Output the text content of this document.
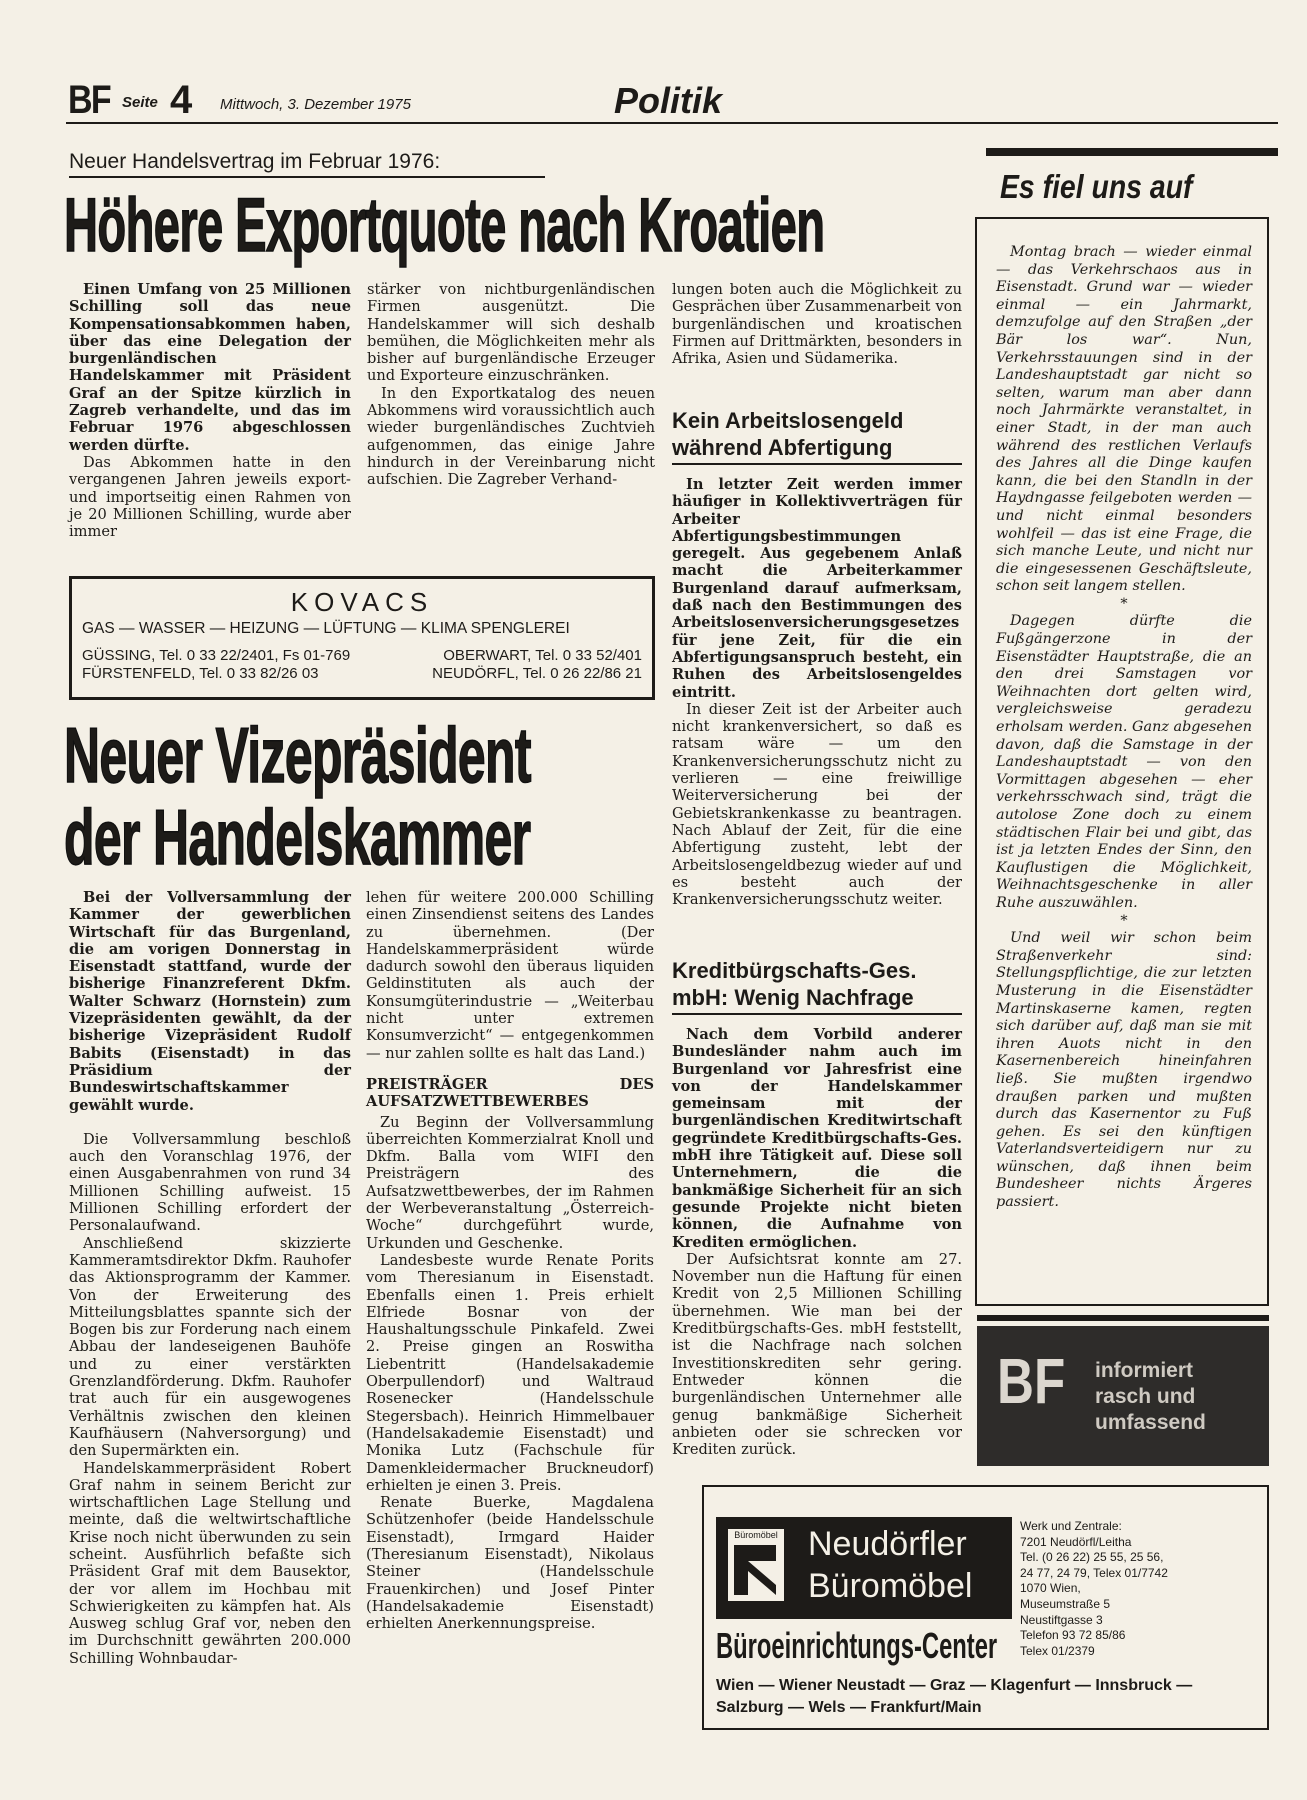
BF Seite 4 Mittwoch, 3. Dezember 1975	Politik
Neuer Handelsvertrag im Februar 1976:
Höhere Exportquote nach Kroatien

Einen Umfang von 25 Millionen Schilling soll das neue Kompensationsabkommen haben, über das eine Delegation der burgenländischen Handelskammer mit Präsident Graf an der Spitze kürzlich in Zagreb verhandelte, und das im Februar 1976 abgeschlossen werden dürfte.

Das Abkommen hatte in den vergangenen Jahren jeweils export- und importseitig einen Rahmen von je 20 Millionen Schilling, wurde aber immer

stärker von nichtburgenländischen Firmen ausgenützt. Die Handelskammer will sich deshalb bemühen, die Möglichkeiten mehr als bisher auf burgenländische Erzeuger und Exporteure einzuschränken.

In den Exportkatalog des neuen Abkommens wird voraussichtlich auch wieder burgenländisches Zuchtvieh aufgenommen, das einige Jahre hindurch in der Vereinbarung nicht aufschien. Die Zagreber Verhand-

lungen boten auch die Möglichkeit zu Gesprächen über Zusammenarbeit von burgenländischen und kroatischen Firmen auf Drittmärkten, besonders in Afrika, Asien und Südamerika.

Kein Arbeitslosengeld während Abfertigung

In letzter Zeit werden immer häufiger in Kollektivverträgen für Arbeiter Abfertigungsbestimmungen geregelt. Aus gegebenem Anlaß macht die Arbeiterkammer Burgenland darauf aufmerksam, daß nach den Bestimmungen des Arbeitslosenversicherungsgesetzes für jene Zeit, für die ein Abfertigungsanspruch besteht, ein Ruhen des Arbeitslosengeldes eintritt.

In dieser Zeit ist der Arbeiter auch nicht krankenversichert, so daß es ratsam wäre — um den Krankenversicherungsschutz nicht zu verlieren — eine freiwillige Weiterversicherung bei der Gebietskrankenkasse zu beantragen. Nach Ablauf der Zeit, für die eine Abfertigung zusteht, lebt der Arbeitslosengeldbezug wieder auf und es besteht auch der Krankenversicherungsschutz weiter.

Kreditbürgschafts-Ges. mbH: Wenig Nachfrage

Nach dem Vorbild anderer Bundesländer nahm auch im Burgenland vor Jahresfrist eine von der Handelskammer gemeinsam mit der burgenländischen Kreditwirtschaft gegründete Kreditbürgschafts-Ges. mbH ihre Tätigkeit auf. Diese soll Unternehmern, die die bankmäßige Sicherheit für an sich gesunde Projekte nicht bieten können, die Aufnahme von Krediten ermöglichen.

Der Aufsichtsrat konnte am 27. November nun die Haftung für einen Kredit von 2,5 Millionen Schilling übernehmen. Wie man bei der Kreditbürgschafts-Ges. mbH feststellt, ist die Nachfrage nach solchen Investitionskrediten sehr gering. Entweder können die burgenländischen Unternehmer alle genug bankmäßige Sicherheit anbieten oder sie schrecken vor Krediten zurück.

KOVACS
GAS — WASSER — HEIZUNG — LÜFTUNG — KLIMA SPENGLEREI
GÜSSING, Tel. 0 33 22/2401, Fs 01-769	OBERWART, Tel. 0 33 52/401
FÜRSTENFELD, Tel. 0 33 82/26 03	NEUDÖRFL, Tel. 0 26 22/86 21
Neuer Vizepräsident
der Handelskammer

Bei der Vollversammlung der Kammer der gewerblichen Wirtschaft für das Burgenland, die am vorigen Donnerstag in Eisenstadt stattfand, wurde der bisherige Finanzreferent Dkfm. Walter Schwarz (Hornstein) zum Vizepräsidenten gewählt, da der bisherige Vizepräsident Rudolf Babits (Eisenstadt) in das Präsidium der Bundeswirtschaftskammer gewählt wurde.

Die Vollversammlung beschloß auch den Voranschlag 1976, der einen Ausgabenrahmen von rund 34 Millionen Schilling aufweist. 15 Millionen Schilling erfordert der Personalaufwand.

Anschließend skizzierte Kammeramtsdirektor Dkfm. Rauhofer das Aktionsprogramm der Kammer. Von der Erweiterung des Mitteilungsblattes spannte sich der Bogen bis zur Forderung nach einem Abbau der landeseigenen Bauhöfe und zu einer verstärkten Grenzlandförderung. Dkfm. Rauhofer trat auch für ein ausgewogenes Verhältnis zwischen den kleinen Kaufhäusern (Nahversorgung) und den Supermärkten ein.

Handelskammerpräsident Robert Graf nahm in seinem Bericht zur wirtschaftlichen Lage Stellung und meinte, daß die weltwirtschaftliche Krise noch nicht überwunden zu sein scheint. Ausführlich befaßte sich Präsident Graf mit dem Bausektor, der vor allem im Hochbau mit Schwierigkeiten zu kämpfen hat. Als Ausweg schlug Graf vor, neben den im Durchschnitt gewährten 200.000 Schilling Wohnbaudar-

lehen für weitere 200.000 Schilling einen Zinsendienst seitens des Landes zu übernehmen. (Der Handelskammerpräsident würde dadurch sowohl den überaus liquiden Geldinstituten als auch der Konsumgüterindustrie — „Weiterbau nicht unter extremen Konsumverzicht“ — entgegenkommen — nur zahlen sollte es halt das Land.)

PREISTRÄGER DES AUFSATZWETTBEWERBES

Zu Beginn der Vollversammlung überreichten Kommerzialrat Knoll und Dkfm. Balla vom WIFI den Preisträgern des Aufsatzwettbewerbes, der im Rahmen der Werbeveranstaltung „Österreich-Woche“ durchgeführt wurde, Urkunden und Geschenke.

Landesbeste wurde Renate Porits vom Theresianum in Eisenstadt. Ebenfalls einen 1. Preis erhielt Elfriede Bosnar von der Haushaltungsschule Pinkafeld. Zwei 2. Preise gingen an Roswitha Liebentritt (Handelsakademie Oberpullendorf) und Waltraud Rosenecker (Handelsschule Stegersbach). Heinrich Himmelbauer (Handelsakademie Eisenstadt) und Monika Lutz (Fachschule für Damenkleidermacher Bruckneudorf) erhielten je einen 3. Preis.

Renate Buerke, Magdalena Schützenhofer (beide Handelsschule Eisenstadt), Irmgard Haider (Theresianum Eisenstadt), Nikolaus Steiner (Handelsschule Frauenkirchen) und Josef Pinter (Handelsakademie Eisenstadt) erhielten Anerkennungspreise.

Es fiel uns auf

Montag brach — wieder einmal — das Verkehrschaos aus in Eisenstadt. Grund war — wieder einmal — ein Jahrmarkt, demzufolge auf den Straßen „der Bär los war“. Nun, Verkehrsstauungen sind in der Landeshauptstadt gar nicht so selten, warum man aber dann noch Jahrmärkte veranstaltet, in einer Stadt, in der man auch während des restlichen Verlaufs des Jahres all die Dinge kaufen kann, die bei den Standln in der Haydngasse feilgeboten werden — und nicht einmal besonders wohlfeil — das ist eine Frage, die sich manche Leute, und nicht nur die eingesessenen Geschäftsleute, schon seit langem stellen.

*

Dagegen dürfte die Fußgängerzone in der Eisenstädter Hauptstraße, die an den drei Samstagen vor Weihnachten dort gelten wird, vergleichsweise geradezu erholsam werden. Ganz abgesehen davon, daß die Samstage in der Landeshauptstadt — von den Vormittagen abgesehen — eher verkehrsschwach sind, trägt die autolose Zone doch zu einem städtischen Flair bei und gibt, das ist ja letzten Endes der Sinn, den Kauflustigen die Möglichkeit, Weihnachtsgeschenke in aller Ruhe auszuwählen.

*

Und weil wir schon beim Straßenverkehr sind: Stellungspflichtige, die zur letzten Musterung in die Eisenstädter Martinskaserne kamen, regten sich darüber auf, daß man sie mit ihren Auots nicht in den Kasernenbereich hineinfahren ließ. Sie mußten irgendwo draußen parken und mußten durch das Kasernentor zu Fuß gehen. Es sei den künftigen Vaterlandsverteidigern nur zu wünschen, daß ihnen beim Bundesheer nichts Ärgeres passiert.

BF informiert
rasch und
umfassend
Büromöbel Neudörfler
Büromöbel
Büroeinrichtungs-Center
Werk und Zentrale:
7201 Neudörfl/Leitha
Tel. (0 26 22) 25 55, 25 56,
24 77, 24 79, Telex 01/7742
1070 Wien,
Museumstraße 5
Neustiftgasse 3
Telefon 93 72 85/86
Telex 01/2379
Wien — Wiener Neustadt — Graz — Klagenfurt — Innsbruck —
Salzburg — Wels — Frankfurt/Main
